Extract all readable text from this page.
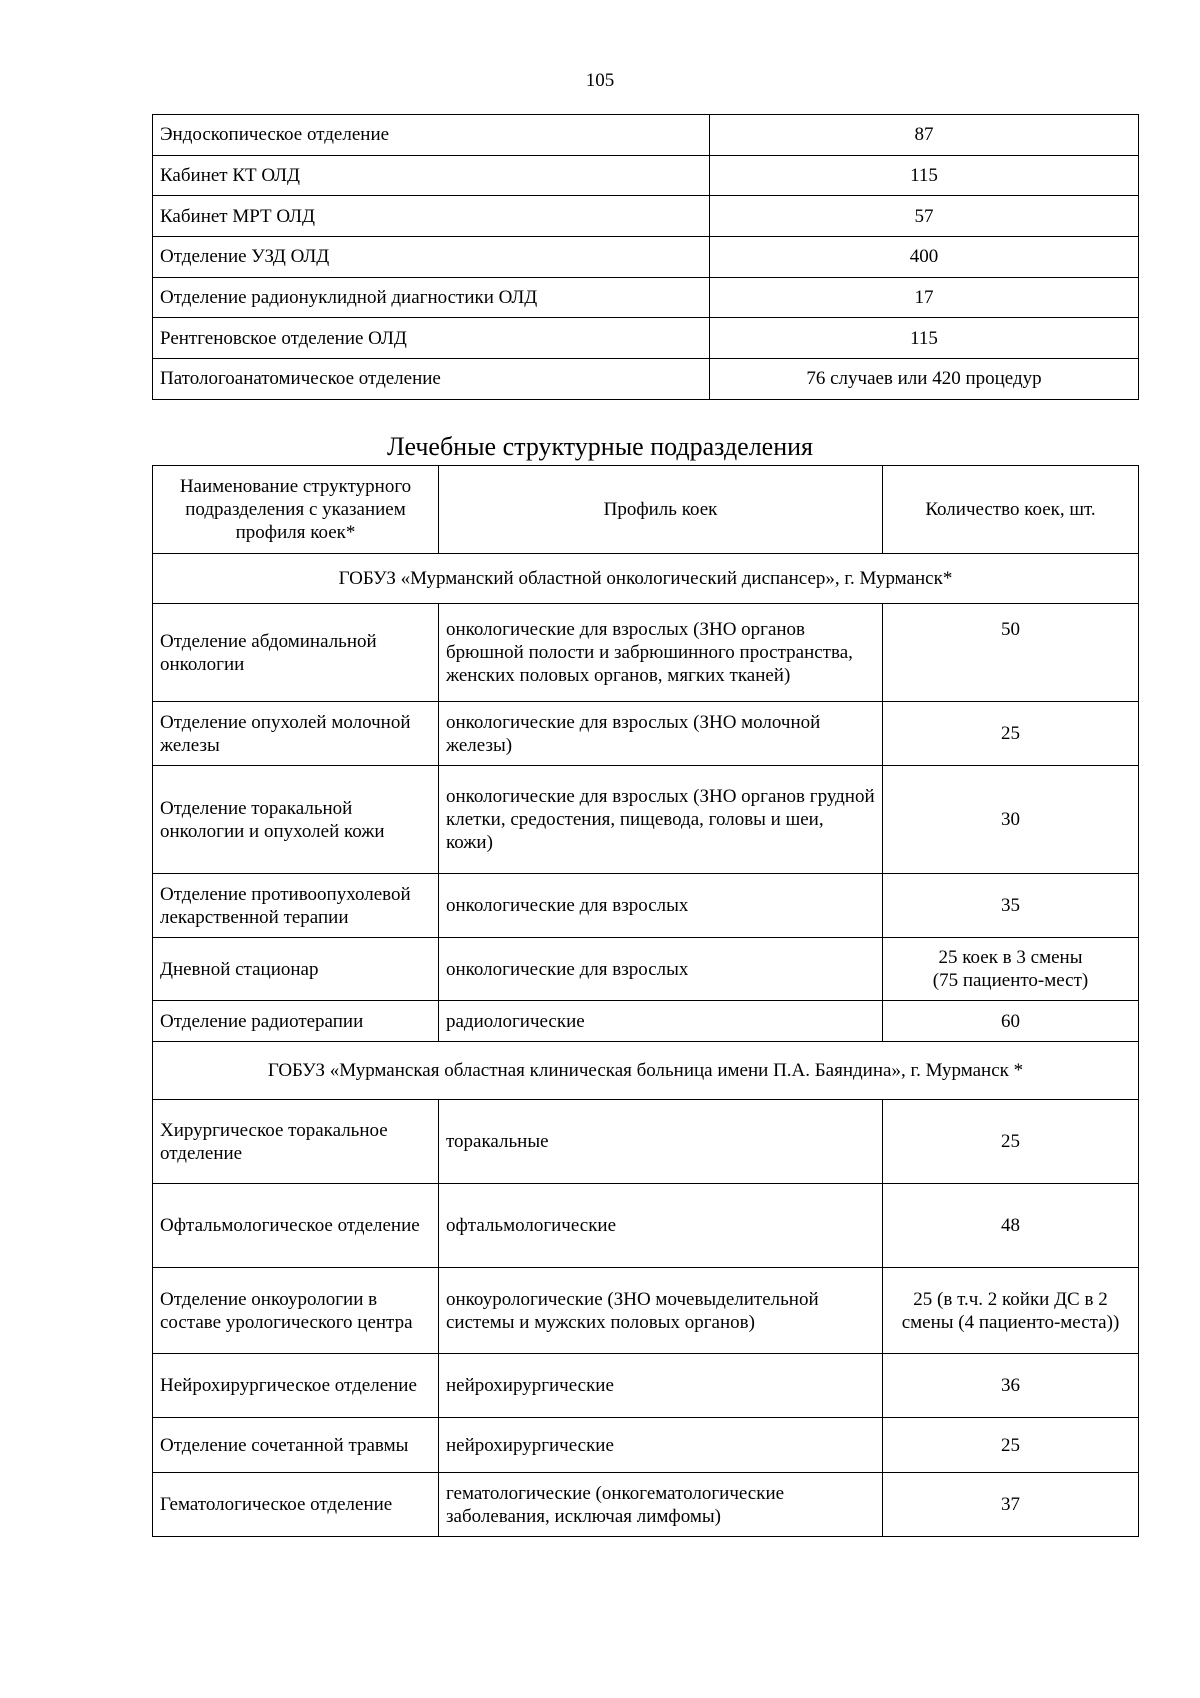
105
Эндоскопическое отделение	87
Кабинет КТ ОЛД	115
Кабинет МРТ ОЛД	57
Отделение УЗД ОЛД	400
Отделение радионуклидной диагностики ОЛД	17
Рентгеновское отделение ОЛД	115
Патологоанатомическое отделение	76 случаев или 420 процедур
Лечебные структурные подразделения
Наименование структурного подразделения с указанием профиля коек*	Профиль коек	Количество коек, шт.
ГОБУЗ «Мурманский областной онкологический диспансер», г. Мурманск*		
Отделение абдоминальной онкологии	онкологические для взрослых (ЗНО органов брюшной полости и забрюшинного пространства, женских половых органов, мягких тканей)	50
Отделение опухолей молочной железы	онкологические для взрослых (ЗНО молочной железы)	25
Отделение торакальной онкологии и опухолей кожи	онкологические для взрослых (ЗНО органов грудной клетки, средостения, пищевода, головы и шеи, кожи)	30
Отделение противоопухолевой лекарственной терапии	онкологические для взрослых	35
Дневной стационар	онкологические для взрослых	25 коек в 3 смены
(75 пациенто-мест)

Отделение радиотерапии	радиологические	60
ГОБУЗ «Мурманская областная клиническая больница имени П.А. Баяндина», г. Мурманск *		
Хирургическое торакальное отделение	торакальные	25
Офтальмологическое отделение	офтальмологические	48
Отделение онкоурологии в составе урологического центра	онкоурологические (ЗНО мочевыделительной системы и мужских половых органов)	25 (в т.ч. 2 койки ДС в 2 смены (4 пациенто-места))
Нейрохирургическое отделение	нейрохирургические	36
Отделение сочетанной травмы	нейрохирургические	25
Гематологическое отделение	гематологические (онкогематологические заболевания, исключая лимфомы)	37
